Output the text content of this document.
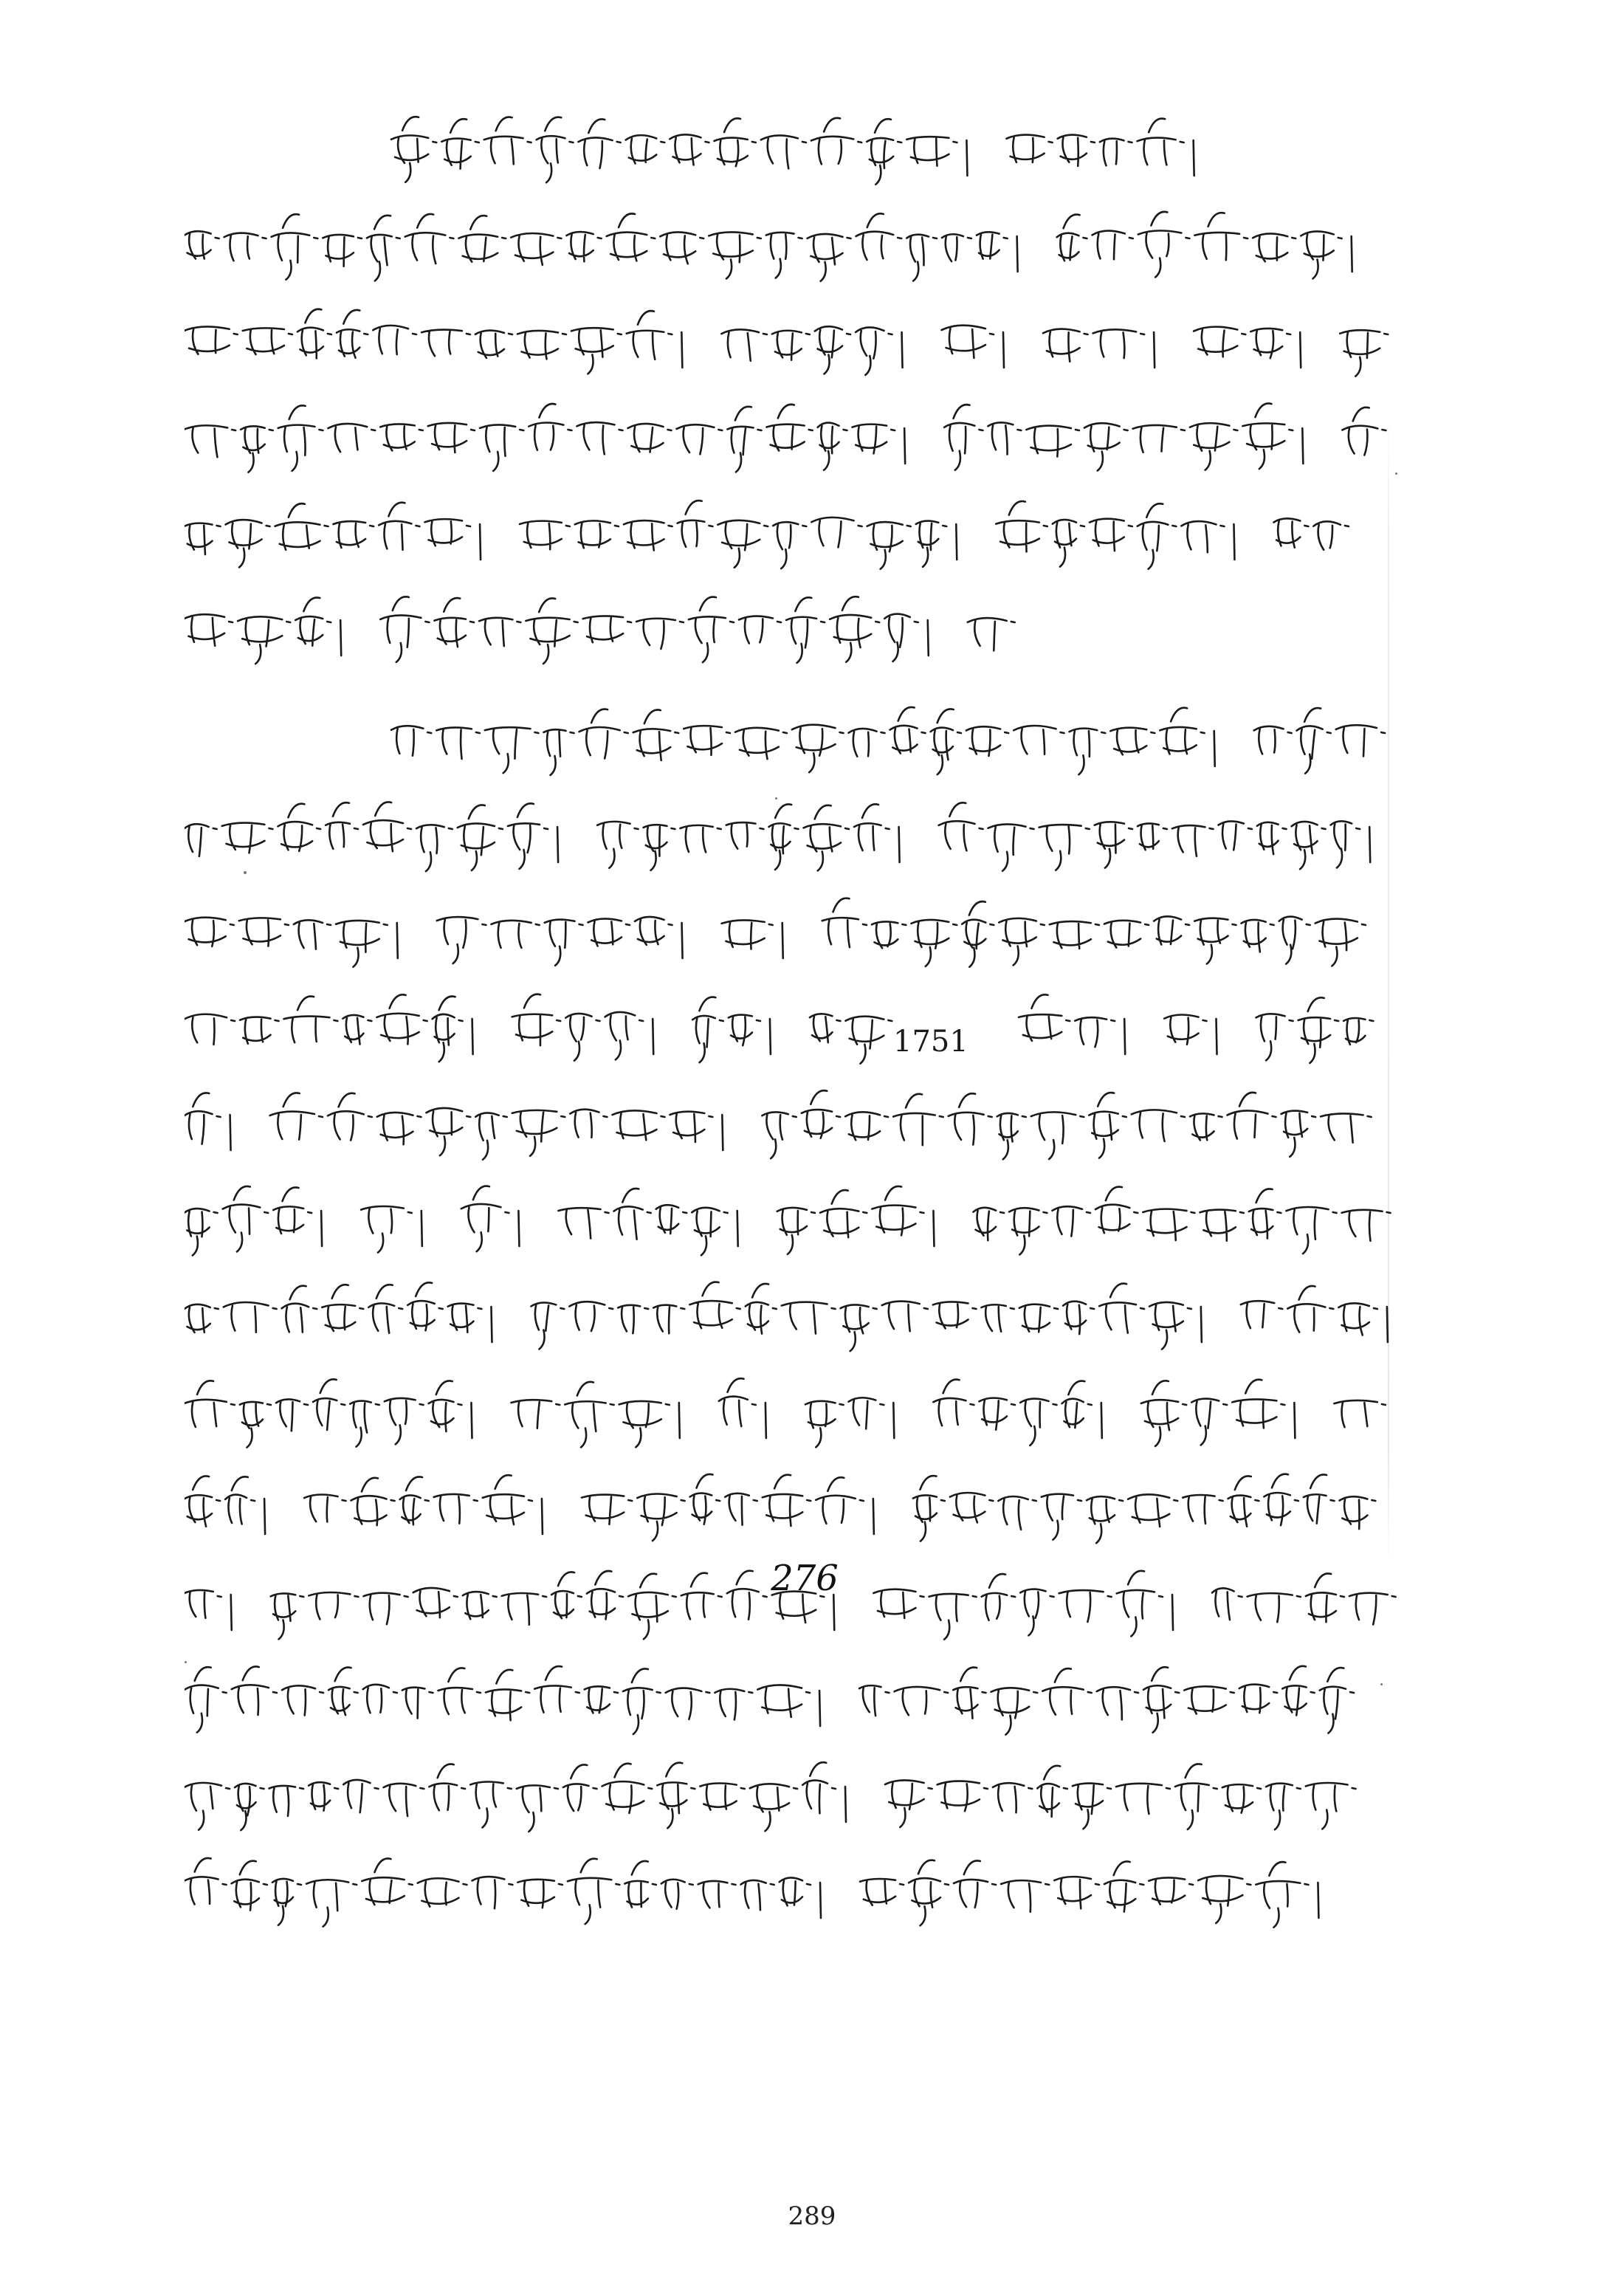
1751
276
289
